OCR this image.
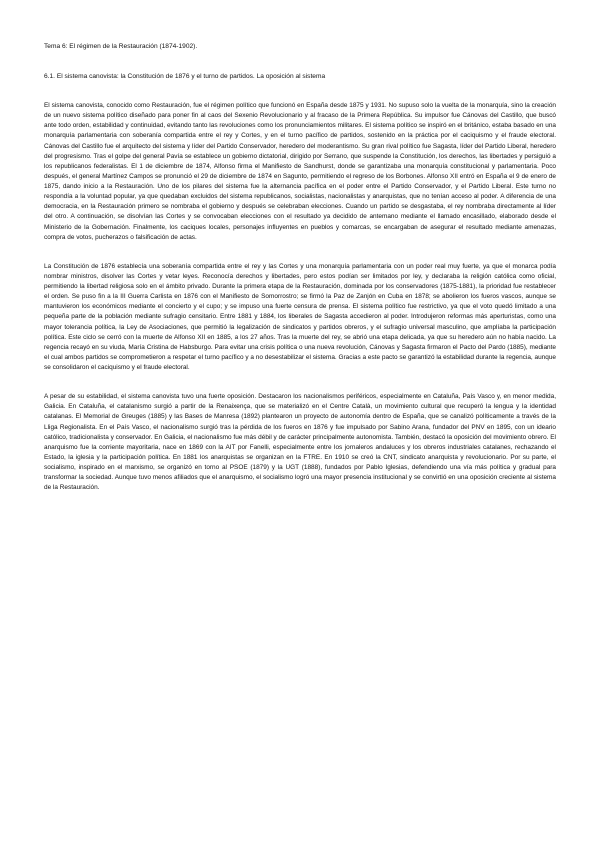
Tema 6: El régimen de la Restauración (1874-1902).

6.1. El sistema canovista: la Constitución de 1876 y el turno de partidos. La oposición al sistema

El sistema canovista, conocido como Restauración, fue el régimen político que funcionó en España desde 1875 y 1931. No supuso solo la vuelta de la monarquía, sino la creación de un nuevo sistema político diseñado para poner fin al caos del Sexenio Revolucionario y al fracaso de la Primera República. Su impulsor fue Cánovas del Castillo, que buscó ante todo orden, estabilidad y continuidad, evitando tanto las revoluciones como los pronunciamientos militares. El sistema político se inspiró en el británico, estaba basado en una monarquía parlamentaria con soberanía compartida entre el rey y Cortes, y en el turno pacífico de partidos, sostenido en la práctica por el caciquismo y el fraude electoral. Cánovas del Castillo fue el arquitecto del sistema y líder del Partido Conservador, heredero del moderantismo. Su gran rival político fue Sagasta, líder del Partido Liberal, heredero del progresismo. Tras el golpe del general Pavía se establece un gobierno dictatorial, dirigido por Serrano, que suspende la Constitución, los derechos, las libertades y persiguió a los republicanos federalistas. El 1 de diciembre de 1874, Alfonso firma el Manifiesto de Sandhurst, donde se garantizaba una monarquía constitucional y parlamentaria. Poco después, el general Martínez Campos se pronunció el 29 de diciembre de 1874 en Sagunto, permitiendo el regreso de los Borbones. Alfonso XII entró en España el 9 de enero de 1875, dando inicio a la Restauración. Uno de los pilares del sistema fue la alternancia pacífica en el poder entre el Partido Conservador, y el Partido Liberal. Este turno no respondía a la voluntad popular, ya que quedaban excluidos del sistema republicanos, socialistas, nacionalistas y anarquistas, que no tenían acceso al poder. A diferencia de una democracia, en la Restauración primero se nombraba el gobierno y después se celebraban elecciones. Cuando un partido se desgastaba, el rey nombraba directamente al líder del otro. A continuación, se disolvían las Cortes y se convocaban elecciones con el resultado ya decidido de antemano mediante el llamado encasillado, elaborado desde el Ministerio de la Gobernación. Finalmente, los caciques locales, personajes influyentes en pueblos y comarcas, se encargaban de asegurar el resultado mediante amenazas, compra de votos, pucherazos o falsificación de actas.

La Constitución de 1876 establecía una soberanía compartida entre el rey y las Cortes y una monarquía parlamentaria con un poder real muy fuerte, ya que el monarca podía nombrar ministros, disolver las Cortes y vetar leyes. Reconocía derechos y libertades, pero estos podían ser limitados por ley, y declaraba la religión católica como oficial, permitiendo la libertad religiosa solo en el ámbito privado. Durante la primera etapa de la Restauración, dominada por los conservadores (1875-1881), la prioridad fue restablecer el orden. Se puso fin a la III Guerra Carlista en 1876 con el Manifiesto de Somorrostro; se firmó la Paz de Zanjón en Cuba en 1878; se abolieron los fueros vascos, aunque se mantuvieron los económicos mediante el concierto y el cupo; y se impuso una fuerte censura de prensa. El sistema político fue restrictivo, ya que el voto quedó limitado a una pequeña parte de la población mediante sufragio censitario. Entre 1881 y 1884, los liberales de Sagasta accedieron al poder. Introdujeron reformas más aperturistas, como una mayor tolerancia política, la Ley de Asociaciones, que permitió la legalización de sindicatos y partidos obreros, y el sufragio universal masculino, que amplíaba la participación política. Este ciclo se cerró con la muerte de Alfonso XII en 1885, a los 27 años. Tras la muerte del rey, se abrió una etapa delicada, ya que su heredero aún no había nacido. La regencia recayó en su viuda, María Cristina de Habsburgo. Para evitar una crisis política o una nueva revolución, Cánovas y Sagasta firmaron el Pacto del Pardo (1885), mediante el cual ambos partidos se comprometieron a respetar el turno pacífico y a no desestabilizar el sistema. Gracias a este pacto se garantizó la estabilidad durante la regencia, aunque se consolidaron el caciquismo y el fraude electoral.

A pesar de su estabilidad, el sistema canovista tuvo una fuerte oposición. Destacaron los nacionalismos periféricos, especialmente en Cataluña, País Vasco y, en menor medida, Galicia. En Cataluña, el catalanismo surgió a partir de la Renaixença, que se materializó en el Centre Català, un movimiento cultural que recuperó la lengua y la identidad catalanas. El Memorial de Greuges (1885) y las Bases de Manresa (1892) plantearon un proyecto de autonomía dentro de España, que se canalizó políticamente a través de la Lliga Regionalista. En el País Vasco, el nacionalismo surgió tras la pérdida de los fueros en 1876 y fue impulsado por Sabino Arana, fundador del PNV en 1895, con un ideario católico, tradicionalista y conservador. En Galicia, el nacionalismo fue más débil y de carácter principalmente autonomista. También, destacó la oposición del movimiento obrero. El anarquismo fue la corriente mayoritaria, nace en 1869 con la AIT por Fanelli, especialmente entre los jornaleros andaluces y los obreros industriales catalanes, rechazando el Estado, la iglesia y la participación política. En 1881 los anarquistas se organizan en la FTRE. En 1910 se creó la CNT, sindicato anarquista y revolucionario. Por su parte, el socialismo, inspirado en el marxismo, se organizó en torno al PSOE (1879) y la UGT (1888), fundados por Pablo Iglesias, defendiendo una vía más política y gradual para transformar la sociedad. Aunque tuvo menos afiliados que el anarquismo, el socialismo logró una mayor presencia institucional y se convirtió en una oposición creciente al sistema de la Restauración.
